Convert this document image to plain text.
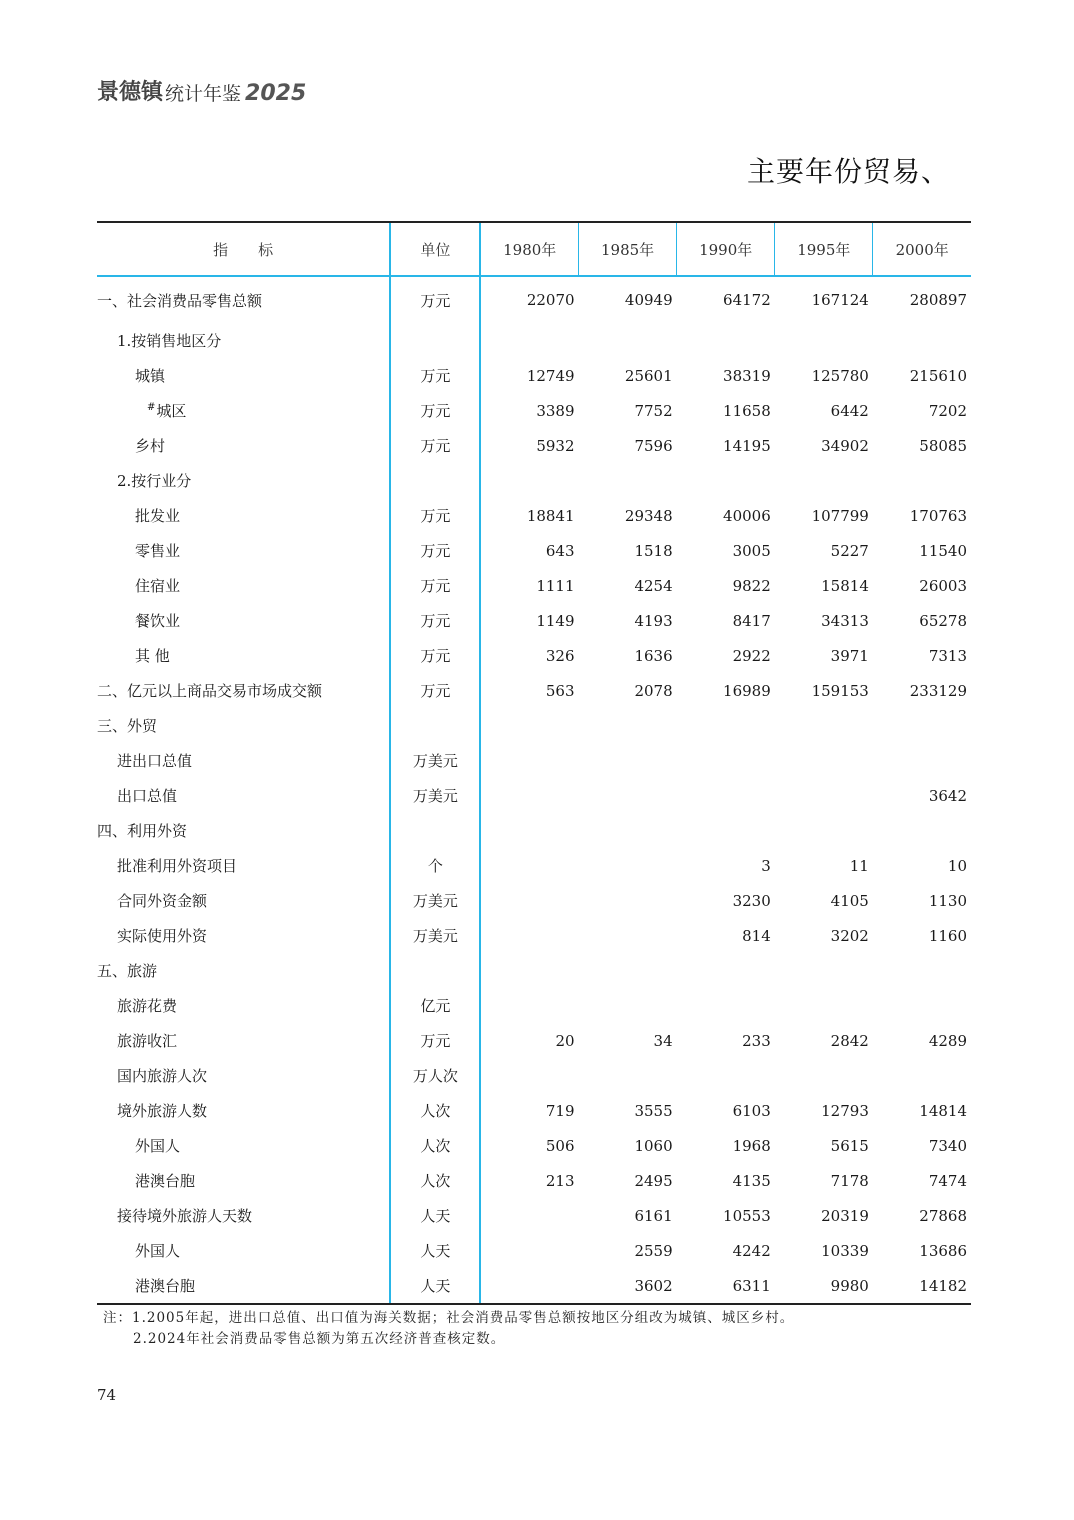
景德镇 统计年鉴 2025
主要年份贸易、
指　　标	单位	1980年	1985年	1990年	1995年	2000年
一、社会消费品零售总额	万元	22070	40949	64172	167124	280897
1.按销售地区分						
城镇	万元	12749	25601	38319	125780	215610
#城区	万元	3389	7752	11658	6442	7202
乡村	万元	5932	7596	14195	34902	58085
2.按行业分						
批发业	万元	18841	29348	40006	107799	170763
零售业	万元	643	1518	3005	5227	11540
住宿业	万元	1111	4254	9822	15814	26003
餐饮业	万元	1149	4193	8417	34313	65278
其 他	万元	326	1636	2922	3971	7313
二、亿元以上商品交易市场成交额	万元	563	2078	16989	159153	233129
三、外贸						
进出口总值	万美元					
出口总值	万美元					3642
四、利用外资						
批准利用外资项目	个			3	11	10
合同外资金额	万美元			3230	4105	1130
实际使用外资	万美元			814	3202	1160
五、旅游						
旅游花费	亿元					
旅游收汇	万元	20	34	233	2842	4289
国内旅游人次	万人次					
境外旅游人数	人次	719	3555	6103	12793	14814
外国人	人次	506	1060	1968	5615	7340
港澳台胞	人次	213	2495	4135	7178	7474
接待境外旅游人天数	人天		6161	10553	20319	27868
外国人	人天		2559	4242	10339	13686
港澳台胞	人天		3602	6311	9980	14182
注：1.2005年起，进出口总值、出口值为海关数据；社会消费品零售总额按地区分组改为城镇、城区乡村。
2.2024年社会消费品零售总额为第五次经济普查核定数。
74
